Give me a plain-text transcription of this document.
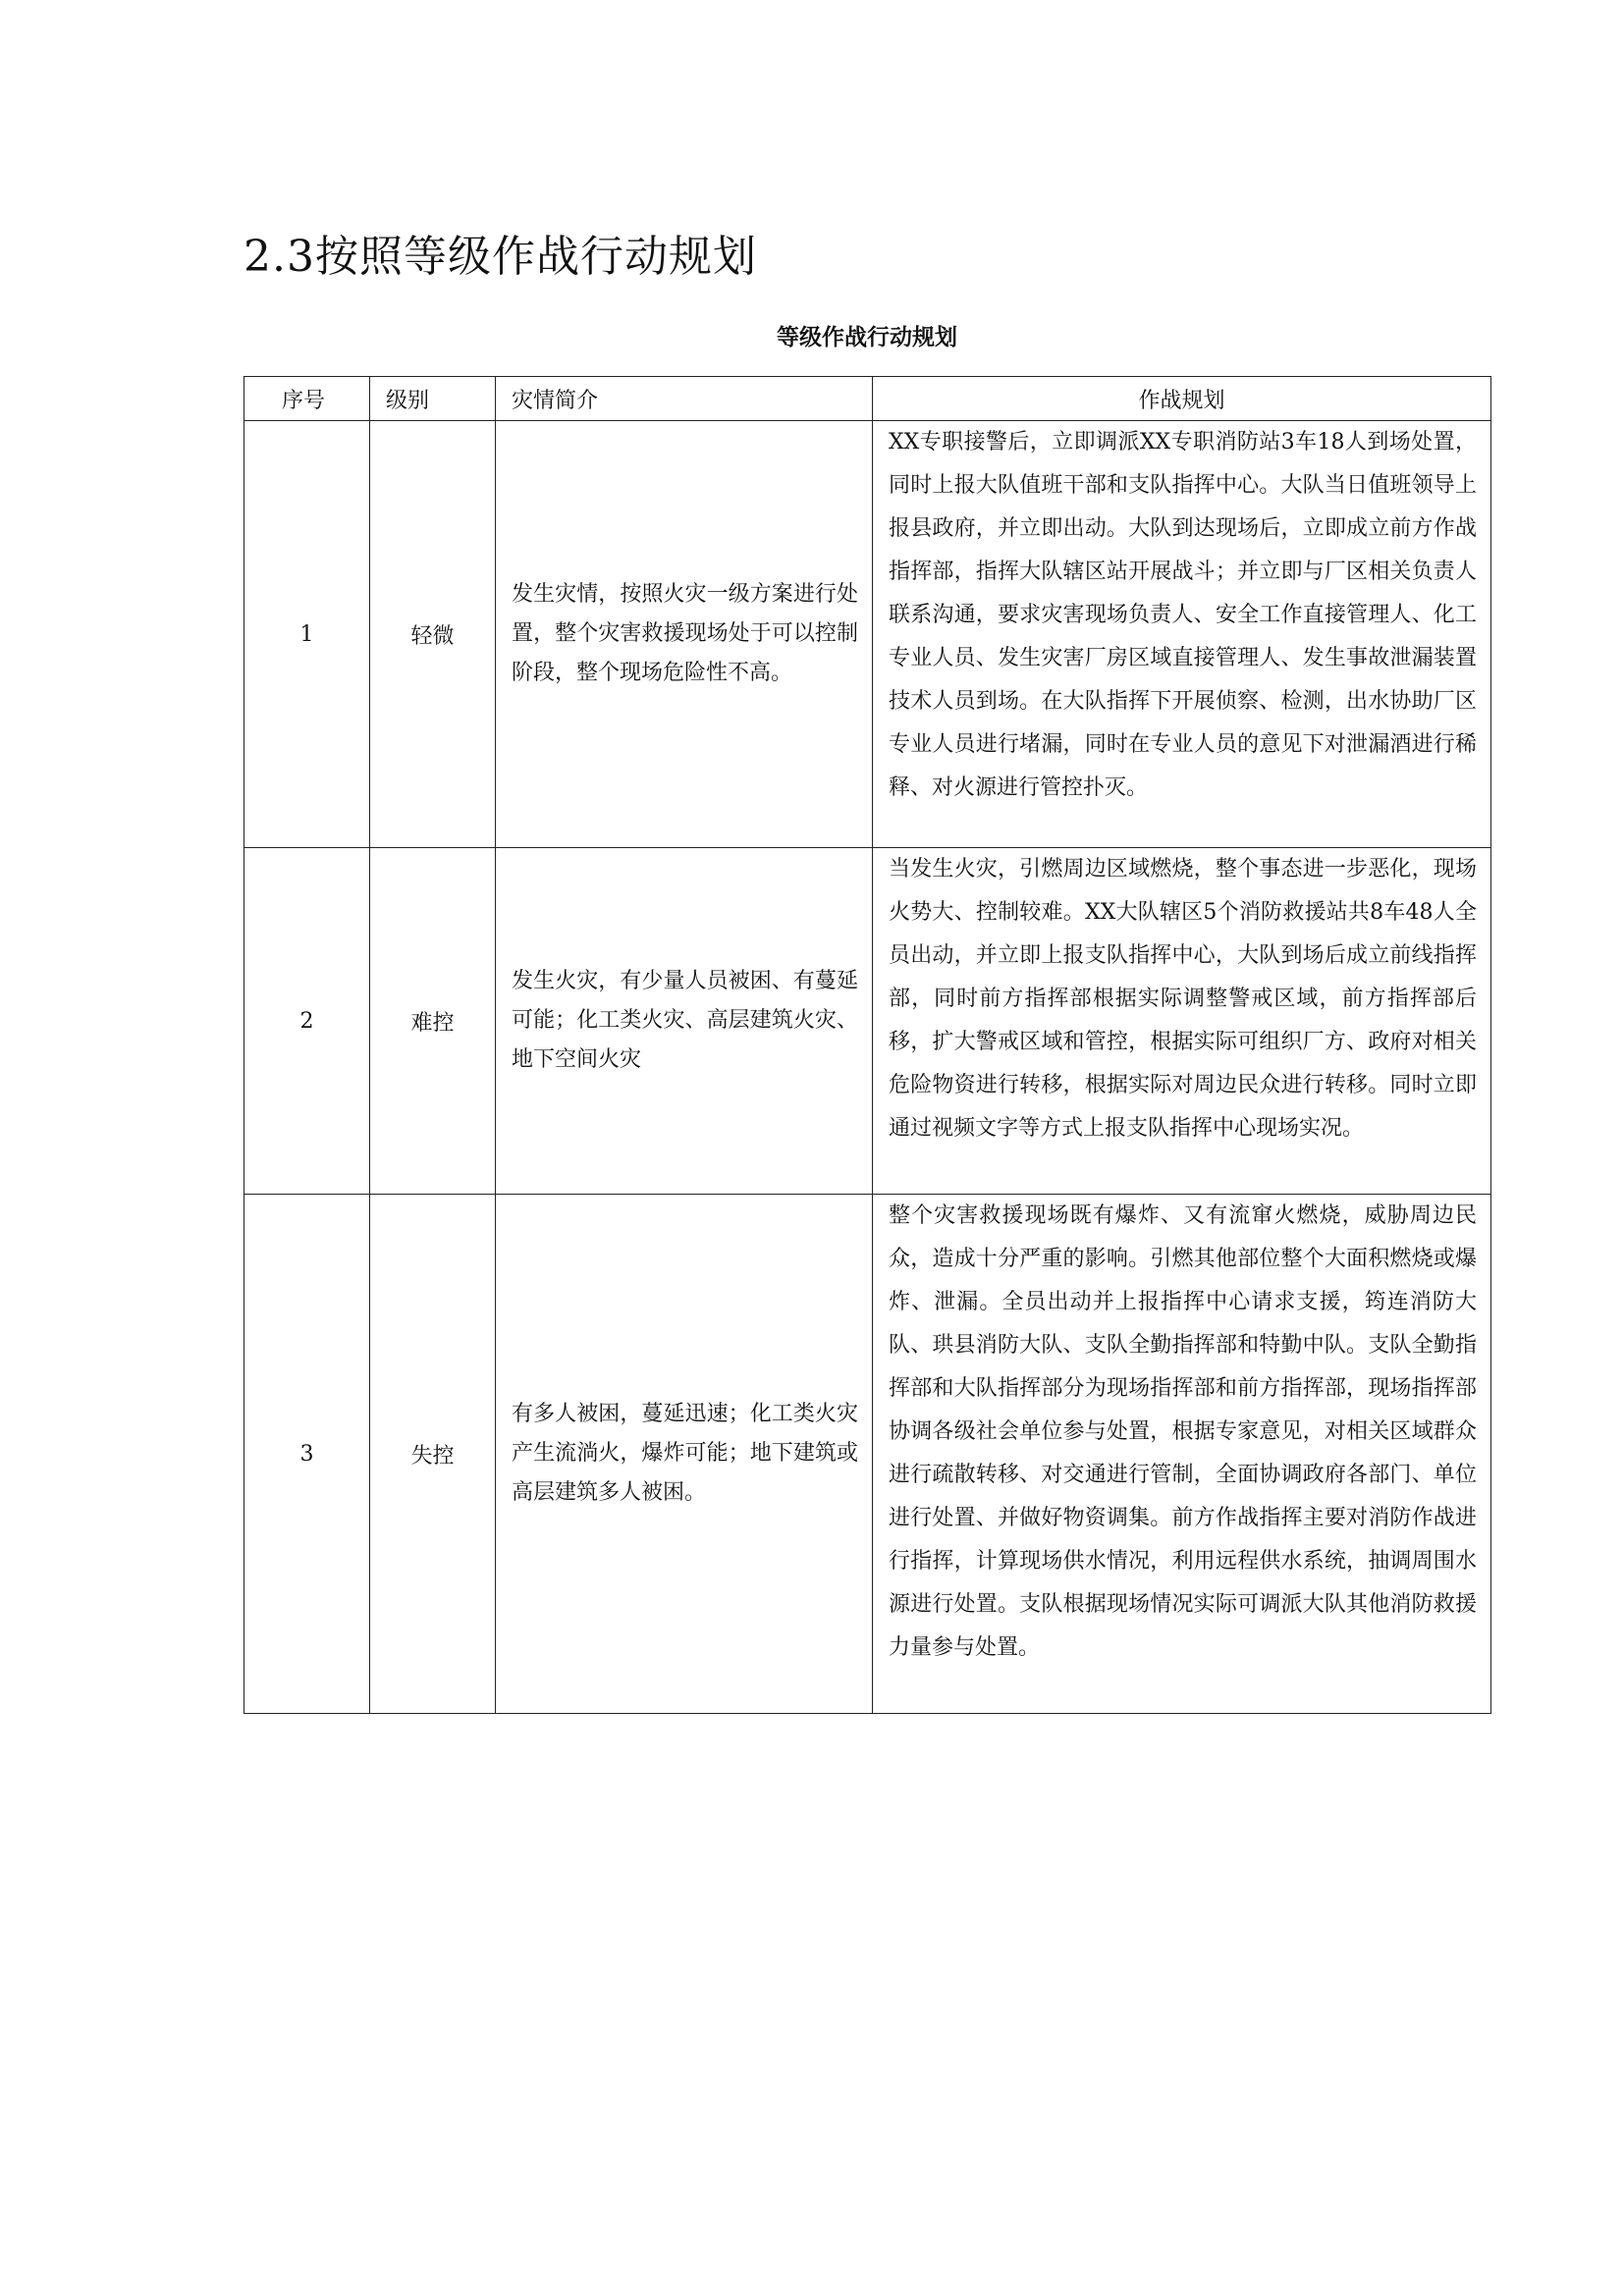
2.3按照等级作战行动规划
等级作战行动规划
序号	级别	灾情简介	作战规划
1	轻微	发生灾情，按照火灾一级方案进行处置，整个灾害救援现场处于可以控制阶段，整个现场危险性不高。	XX专职接警后，立即调派XX专职消防站3车18人到场处置，同时上报大队值班干部和支队指挥中心。大队当日值班领导上报县政府，并立即出动。大队到达现场后，立即成立前方作战指挥部，指挥大队辖区站开展战斗；并立即与厂区相关负责人联系沟通，要求灾害现场负责人、安全工作直接管理人、化工专业人员、发生灾害厂房区域直接管理人、发生事故泄漏装置技术人员到场。在大队指挥下开展侦察、检测，出水协助厂区专业人员进行堵漏，同时在专业人员的意见下对泄漏酒进行稀释、对火源进行管控扑灭。
2	难控	发生火灾，有少量人员被困、有蔓延可能；化工类火灾、高层建筑火灾、地下空间火灾	当发生火灾，引燃周边区域燃烧，整个事态进一步恶化，现场火势大、控制较难。XX大队辖区5个消防救援站共8车48人全员出动，并立即上报支队指挥中心，大队到场后成立前线指挥部，同时前方指挥部根据实际调整警戒区域，前方指挥部后移，扩大警戒区域和管控，根据实际可组织厂方、政府对相关危险物资进行转移，根据实际对周边民众进行转移。同时立即通过视频文字等方式上报支队指挥中心现场实况。
3	失控	有多人被困，蔓延迅速；化工类火灾产生流淌火，爆炸可能；地下建筑或高层建筑多人被困。	整个灾害救援现场既有爆炸、又有流窜火燃烧，威胁周边民众，造成十分严重的影响。引燃其他部位整个大面积燃烧或爆炸、泄漏。全员出动并上报指挥中心请求支援，筠连消防大队、珙县消防大队、支队全勤指挥部和特勤中队。支队全勤指挥部和大队指挥部分为现场指挥部和前方指挥部，现场指挥部协调各级社会单位参与处置，根据专家意见，对相关区域群众进行疏散转移、对交通进行管制，全面协调政府各部门、单位进行处置、并做好物资调集。前方作战指挥主要对消防作战进行指挥，计算现场供水情况，利用远程供水系统，抽调周围水源进行处置。支队根据现场情况实际可调派大队其他消防救援力量参与处置。
